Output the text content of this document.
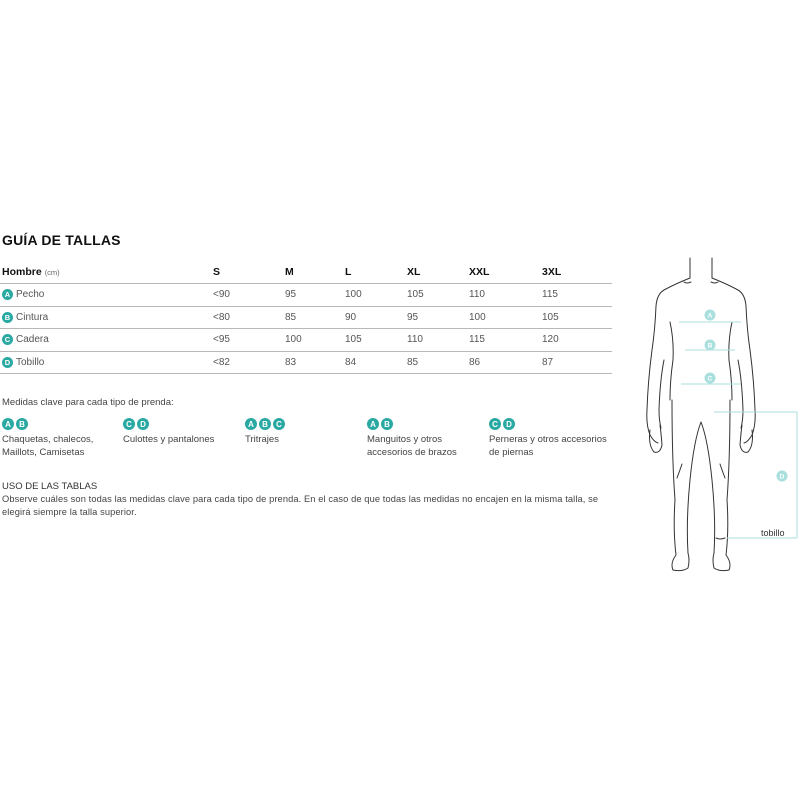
GUÍA DE TALLAS
Hombre (cm)	S	M	L	XL	XXL	3XL
A Pecho	<90	95	100	105	110	115
B Cintura	<80	85	90	95	100	105
C Cadera	<95	100	105	110	115	120
D Tobillo	<82	83	84	85	86	87
Medidas clave para cada tipo de prenda:
A	B
Chaquetas, chalecos,
Maillots, Camisetas
C	D
Culottes y pantalones
A	B	C
Tritrajes
A	B
Manguitos y otros
accesorios de brazos
C	D
Perneras y otros accesorios
de piernas
USO DE LAS TABLAS
Observe cuáles son todas las medidas clave para cada tipo de prenda. En el caso de que todas las medidas no encajen en la misma talla, se elegirá siempre la talla superior.
A
B
C
D
tobillo
